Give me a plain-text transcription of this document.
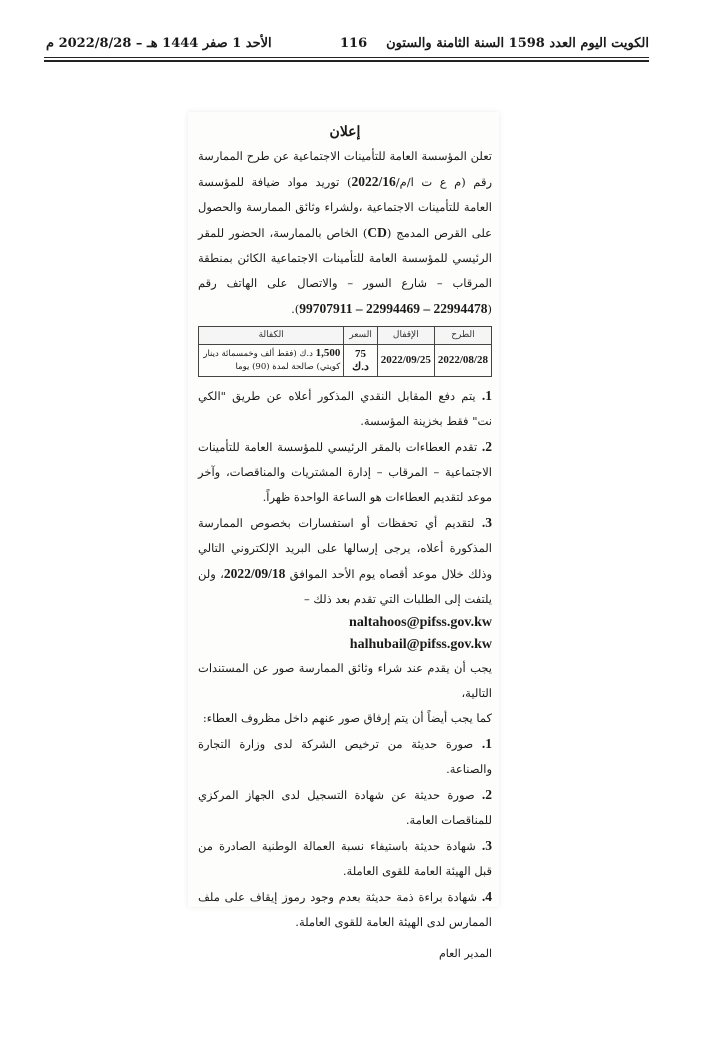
الكويت اليوم العدد 1598 السنة الثامنة والستون
116
الأحد 1 صفر 1444 هـ – 2022/8/28 م
إعلان

تعلن المؤسسة العامة للتأمينات الاجتماعية عن طرح الممارسة رقم (م ع ت ا/م/2022/16) توريد مواد ضيافة للمؤسسة العامة للتأمينات الاجتماعية ،ولشراء وثائق الممارسة والحصول على القرص المدمج (CD) الخاص بالممارسة، الحضور للمقر الرئيسي للمؤسسة العامة للتأمينات الاجتماعية الكائن بمنطقة المرقاب – شارع السور – والاتصال على الهاتف رقم (22994478 – 22994469 – 99707911).

الطرح	الإقفال	السعر	الكفالة
2022/08/28	2022/09/25	75 د.ك	1,500 د.ك (فقط ألف وخمسمائة دينار كويتي) صالحة لمدة (90) يوما

1. يتم دفع المقابل النقدي المذكور أعلاه عن طريق "الكي نت" فقط بخزينة المؤسسة.

2. تقدم العطاءات بالمقر الرئيسي للمؤسسة العامة للتأمينات الاجتماعية – المرقاب – إدارة المشتريات والمناقصات، وآخر موعد لتقديم العطاءات هو الساعة الواحدة ظهراً.

3. لتقديم أي تحفظات أو استفسارات بخصوص الممارسة المذكورة أعلاه، يرجى إرسالها على البريد الإلكتروني التالي وذلك خلال موعد أقصاه يوم الأحد الموافق 2022/09/18، ولن يلتفت إلى الطلبات التي تقدم بعد ذلك –

naltahoos@pifss.gov.kw
halhubail@pifss.gov.kw

يجب أن يقدم عند شراء وثائق الممارسة صور عن المستندات التالية،

كما يجب أيضاً أن يتم إرفاق صور عنهم داخل مظروف العطاء:

1. صورة حديثة من ترخيص الشركة لدى وزارة التجارة والصناعة.

2. صورة حديثة عن شهادة التسجيل لدى الجهاز المركزي للمناقصات العامة.

3. شهادة حديثة باستيفاء نسبة العمالة الوطنية الصادرة من قبل الهيئة العامة للقوى العاملة.

4. شهادة براءة ذمة حديثة بعدم وجود رموز إيقاف على ملف الممارس لدى الهيئة العامة للقوى العاملة.

المدير العام
